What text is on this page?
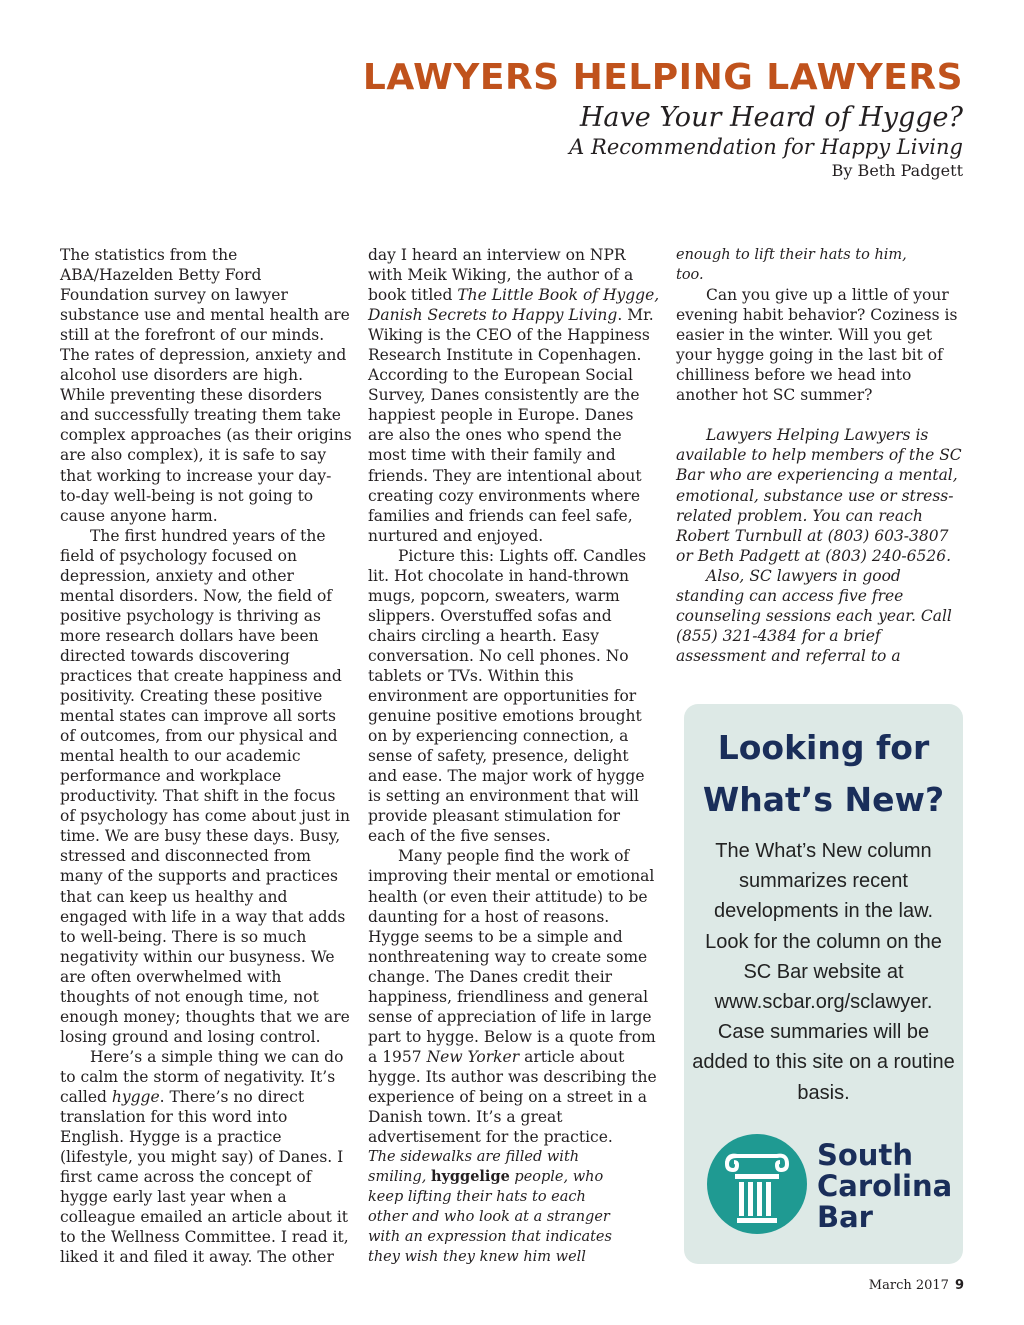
LAWYERS HELPING LAWYERS
Have Your Heard of Hygge?
A Recommendation for Happy Living
By Beth Padgett

The statistics from the ABA/Hazelden Betty Ford Foundation survey on lawyer substance use and mental health are still at the forefront of our minds. The rates of depression, anxiety and alcohol use disorders are high. While preventing these disorders and successfully treating them take complex approaches (as their origins are also complex), it is safe to say that working to increase your day-to-day well-being is not going to cause anyone harm.

The first hundred years of the field of psychology focused on depression, anxiety and other mental disorders. Now, the field of positive psychology is thriving as more research dollars have been directed towards discovering practices that create happiness and positivity. Creating these positive mental states can improve all sorts of outcomes, from our physical and mental health to our academic performance and workplace productivity. That shift in the focus of psychology has come about just in time. We are busy these days. Busy, stressed and disconnected from many of the supports and practices that can keep us healthy and engaged with life in a way that adds to well-being. There is so much negativity within our busyness. We are often overwhelmed with thoughts of not enough time, not enough money; thoughts that we are losing ground and losing control.

Here’s a simple thing we can do to calm the storm of negativity. It’s called hygge. There’s no direct translation for this word into English. Hygge is a practice (lifestyle, you might say) of Danes. I first came across the concept of hygge early last year when a colleague emailed an article about it to the Wellness Committee. I read it, liked it and filed it away. The other

day I heard an interview on NPR with Meik Wiking, the author of a book titled The Little Book of Hygge, Danish Secrets to Happy Living. Mr. Wiking is the CEO of the Happiness Research Institute in Copenhagen. According to the European Social Survey, Danes consistently are the happiest people in Europe. Danes are also the ones who spend the most time with their family and friends. They are intentional about creating cozy environments where families and friends can feel safe, nurtured and enjoyed.

Picture this: Lights off. Candles lit. Hot chocolate in hand-thrown mugs, popcorn, sweaters, warm slippers. Overstuffed sofas and chairs circling a hearth. Easy conversation. No cell phones. No tablets or TVs. Within this environment are opportunities for genuine positive emotions brought on by experiencing connection, a sense of safety, presence, delight and ease. The major work of hygge is setting an environment that will provide pleasant stimulation for each of the five senses.

Many people find the work of improving their mental or emotional health (or even their attitude) to be daunting for a host of reasons. Hygge seems to be a simple and nonthreatening way to create some change. The Danes credit their happiness, friendliness and general sense of appreciation of life in large part to hygge. Below is a quote from a 1957 New Yorker article about hygge. Its author was describing the experience of being on a street in a Danish town. It’s a great advertisement for the practice.

The sidewalks are filled with smiling, hyggelige people, who keep lifting their hats to each other and who look at a stranger with an expression that indicates they wish they knew him well

enough to lift their hats to him, too.

Can you give up a little of your evening habit behavior? Coziness is easier in the winter. Will you get your hygge going in the last bit of chilliness before we head into another hot SC summer?

Lawyers Helping Lawyers is available to help members of the SC Bar who are experiencing a mental, emotional, substance use or stress-related problem. You can reach Robert Turnbull at (803) 603-3807 or Beth Padgett at (803) 240-6526.

Also, SC lawyers in good standing can access five free counseling sessions each year. Call (855) 321-4384 for a brief assessment and referral to a

Looking for
What’s New?
The What’s New column summarizes recent developments in the law. Look for the column on the SC Bar website at www.scbar.org/sclawyer. Case summaries will be added to this site on a routine basis.
South
Carolina
Bar
March 2017 9
